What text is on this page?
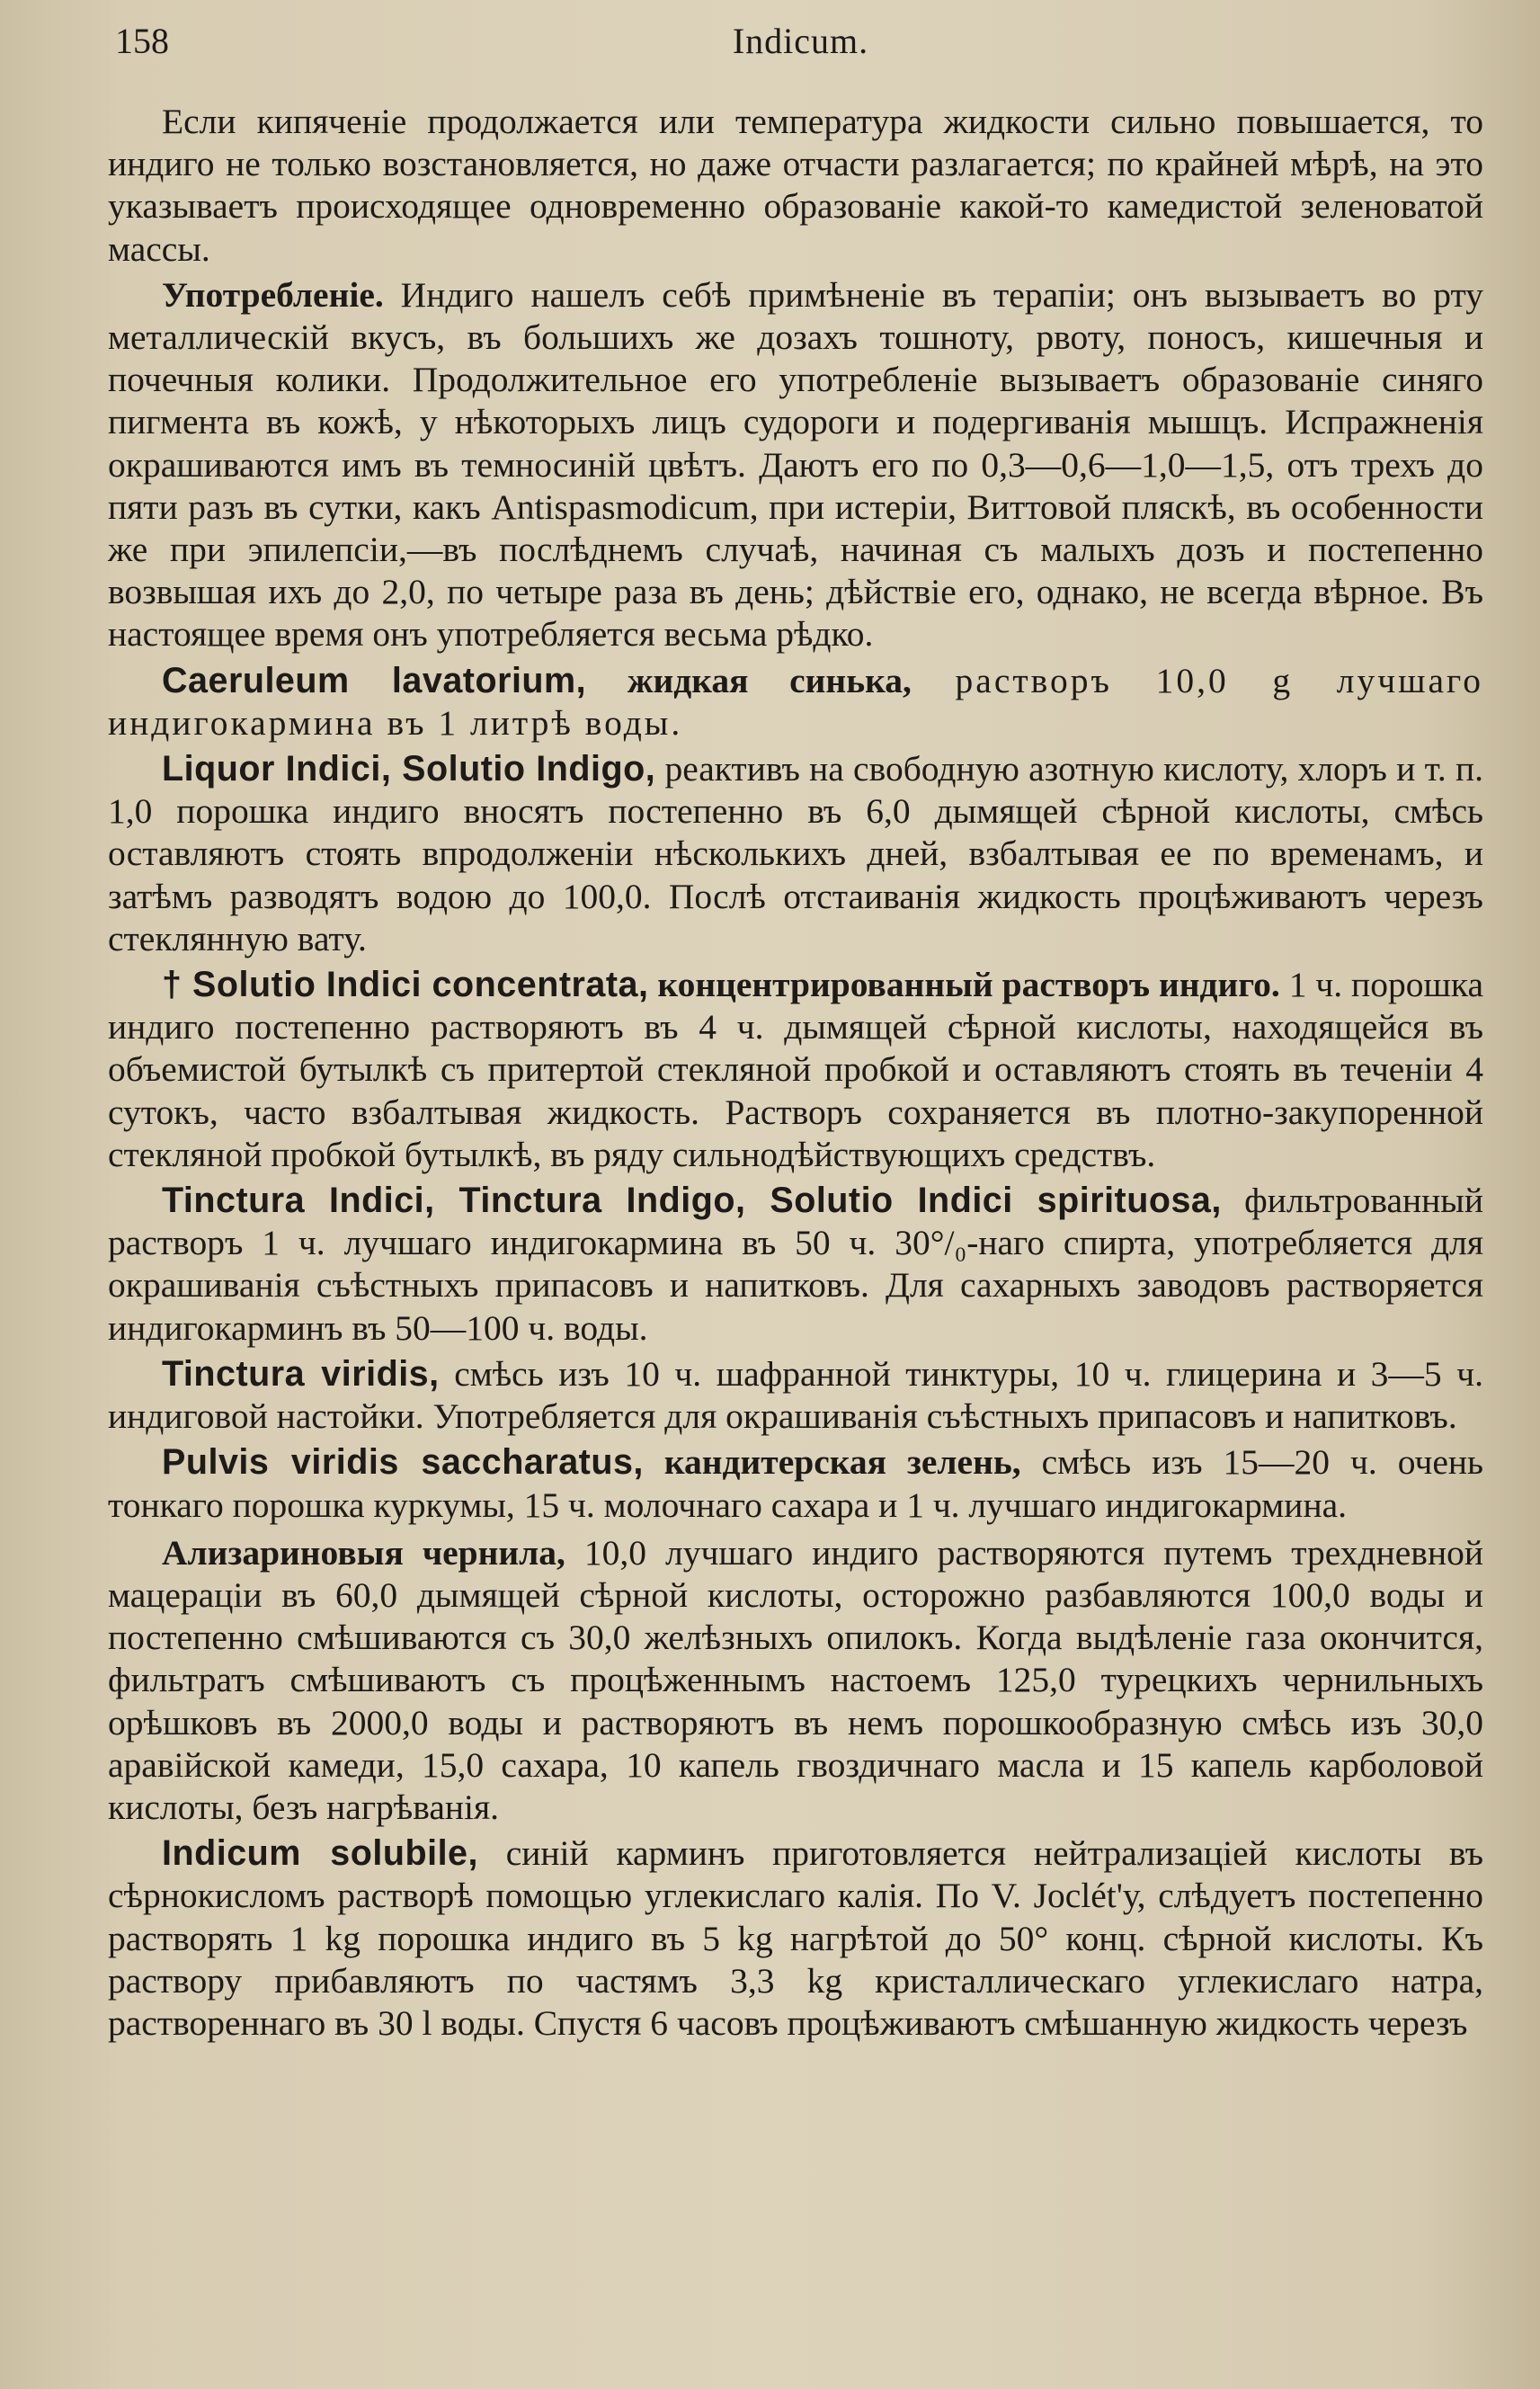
158	Indicum.

Если кипяченіе продолжается или температура жидкости сильно повышается, то индиго не только возстановляется, но даже отчасти разлагается; по крайней мѣрѣ, на это указываетъ происходящее одновременно образованіе какой-то камедистой зеленоватой массы.

Употребленіе. Индиго нашелъ себѣ примѣненіе въ терапіи; онъ вызываетъ во рту металлическій вкусъ, въ большихъ же дозахъ тошноту, рвоту, поносъ, кишечныя и почечныя колики. Продолжительное его употребленіе вызываетъ образованіе синяго пигмента въ кожѣ, у нѣкоторыхъ лицъ судороги и подергиванія мышцъ. Испражненія окрашиваются имъ въ темносиній цвѣтъ. Даютъ его по 0,3—0,6—1,0—1,5, отъ трехъ до пяти разъ въ сутки, какъ Antispasmodicum, при истеріи, Виттовой пляскѣ, въ особенности же при эпилепсіи,—въ послѣднемъ случаѣ, начиная съ малыхъ дозъ и постепенно возвышая ихъ до 2,0, по четыре раза въ день; дѣйствіе его, однако, не всегда вѣрное. Въ настоящее время онъ употребляется весьма рѣдко.

Caeruleum lavatorium, жидкая синька, растворъ 10,0 g лучшаго индигокармина въ 1 литрѣ воды.

Liquor Indici, Solutio Indigo, реактивъ на свободную азотную кислоту, хлоръ и т. п. 1,0 порошка индиго вносятъ постепенно въ 6,0 дымящей сѣрной кислоты, смѣсь оставляютъ стоять впродолженіи нѣсколькихъ дней, взбалтывая ее по временамъ, и затѣмъ разводятъ водою до 100,0. Послѣ отстаиванія жидкость процѣживаютъ черезъ стеклянную вату.

† Solutio Indici concentrata, концентрированный растворъ индиго. 1 ч. порошка индиго постепенно растворяютъ въ 4 ч. дымящей сѣрной кислоты, находящейся въ объемистой бутылкѣ съ притертой стекляной пробкой и оставляютъ стоять въ теченіи 4 сутокъ, часто взбалтывая жидкость. Растворъ сохраняется въ плотно-закупоренной стекляной пробкой бутылкѣ, въ ряду сильнодѣйствующихъ средствъ.

Tinctura Indici, Tinctura Indigo, Solutio Indici spirituosa, фильтрованный растворъ 1 ч. лучшаго индигокармина въ 50 ч. 30°/₀-наго спирта, употребляется для окрашиванія съѣстныхъ припасовъ и напитковъ. Для сахарныхъ заводовъ растворяется индигокарминъ въ 50—100 ч. воды.

Tinctura viridis, смѣсь изъ 10 ч. шафранной тинктуры, 10 ч. глицерина и 3—5 ч. индиговой настойки. Употребляется для окрашиванія съѣстныхъ припасовъ и напитковъ.

Pulvis viridis saccharatus, кандитерская зелень, смѣсь изъ 15—20 ч. очень тонкаго порошка куркумы, 15 ч. молочнаго сахара и 1 ч. лучшаго индигокармина.

Ализариновыя чернила, 10,0 лучшаго индиго растворяются путемъ трехдневной мацераціи въ 60,0 дымящей сѣрной кислоты, осторожно разбавляются 100,0 воды и постепенно смѣшиваются съ 30,0 желѣзныхъ опилокъ. Когда выдѣленіе газа окончится, фильтратъ смѣшиваютъ съ процѣженнымъ настоемъ 125,0 турецкихъ чернильныхъ орѣшковъ въ 2000,0 воды и растворяютъ въ немъ порошкообразную смѣсь изъ 30,0 аравійской камеди, 15,0 сахара, 10 капель гвоздичнаго масла и 15 капель карболовой кислоты, безъ нагрѣванія.

Indicum solubile, синій карминъ приготовляется нейтрализаціей кислоты въ сѣрнокисломъ растворѣ помощью углекислаго калія. По V. Joclét'у, слѣдуетъ постепенно растворять 1 kg порошка индиго въ 5 kg нагрѣтой до 50° конц. сѣрной кислоты. Къ раствору прибавляютъ по частямъ 3,3 kg кристаллическаго углекислаго натра, раствореннаго въ 30 l воды. Спустя 6 часовъ процѣживаютъ смѣшанную жидкость черезъ
